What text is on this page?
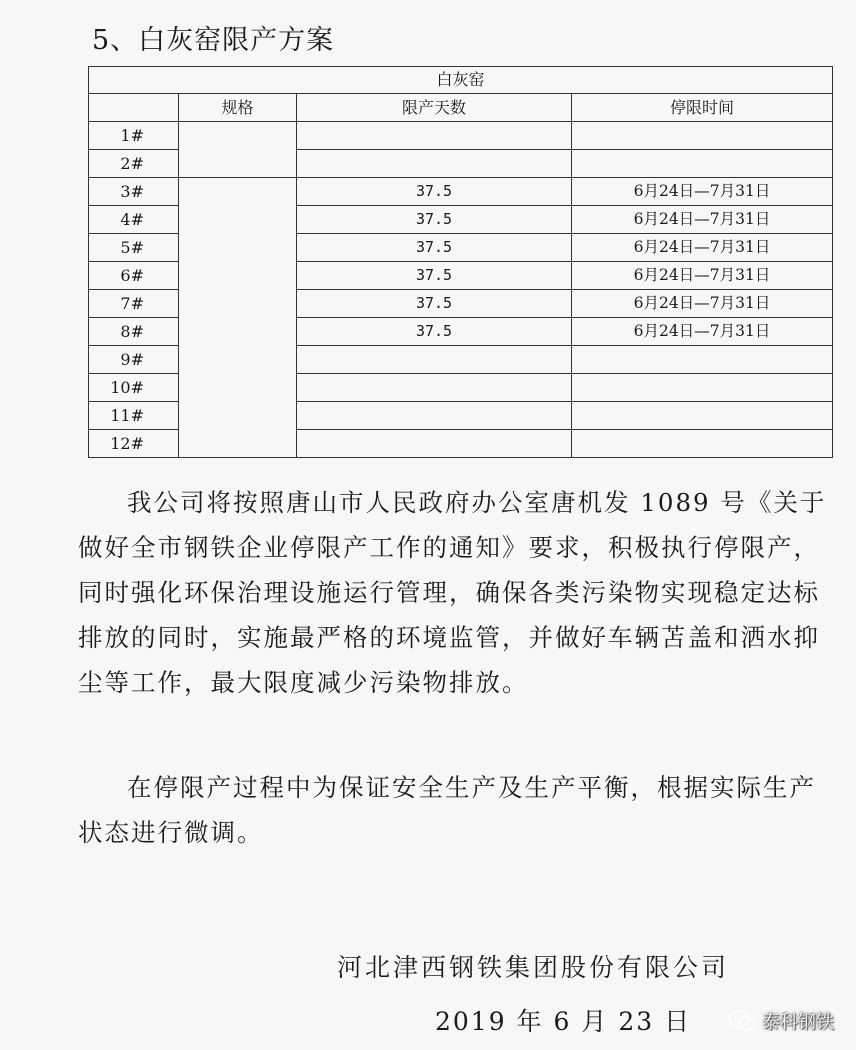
5、白灰窑限产方案
白灰窑			
	规格	限产天数	停限时间
1#			
2#			
3#		37.5	6月24日—7月31日
4#		37.5	6月24日—7月31日
5#		37.5	6月24日—7月31日
6#		37.5	6月24日—7月31日
7#		37.5	6月24日—7月31日
8#		37.5	6月24日—7月31日
9#			
10#			
11#			
12#			

我公司将按照唐山市人民政府办公室唐机发 1089 号《关于做好全市钢铁企业停限产工作的通知》要求，积极执行停限产，同时强化环保治理设施运行管理，确保各类污染物实现稳定达标排放的同时，实施最严格的环境监管，并做好车辆苫盖和洒水抑尘等工作，最大限度减少污染物排放。

在停限产过程中为保证安全生产及生产平衡，根据实际生产状态进行微调。

河北津西钢铁集团股份有限公司
2019 年 6 月 23 日	泰科钢铁
